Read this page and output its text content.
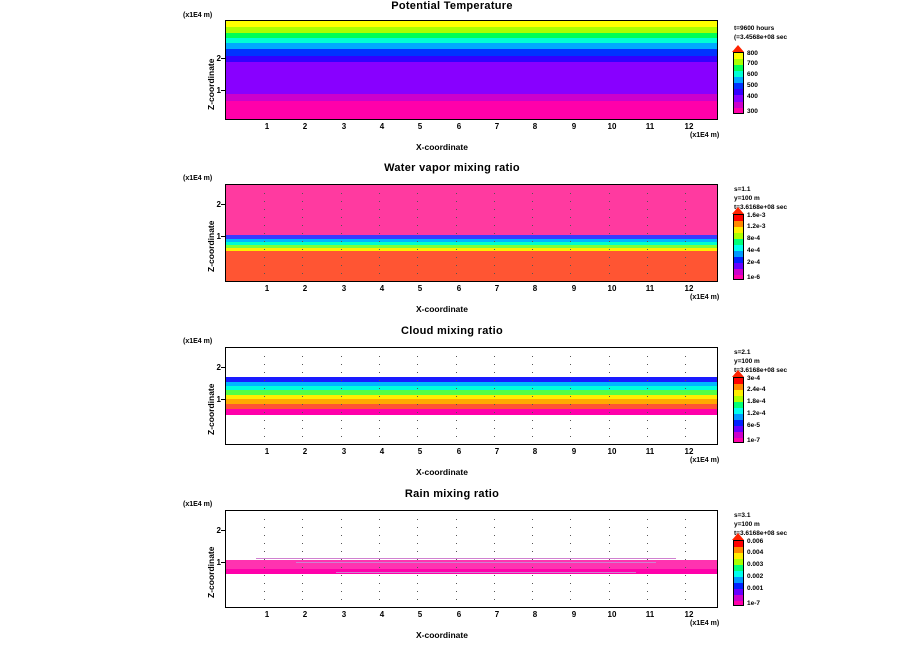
Potential Temperature
(x1E4 m)
Z-coordinate
2
1
1	2	3	4	5	6	7	8	9	10	11	12
(x1E4 m)
X-coordinate
t=9600 hours
(=3.4568e+08 sec
800
700
600
500
400
300
Water vapor mixing ratio
(x1E4 m)
Z-coordinate
2
1
1	2	3	4	5	6	7	8	9	10	11	12
(x1E4 m)
X-coordinate
s=1.1
y=100 m
t=3.6168e+08 sec
1.6e-3
1.2e-3
8e-4
4e-4
2e-4
1e-6
Cloud mixing ratio
(x1E4 m)
Z-coordinate
2
1
1	2	3	4	5	6	7	8	9	10	11	12
(x1E4 m)
X-coordinate
s=2.1
y=100 m
t=3.6168e+08 sec
3e-4
2.4e-4
1.8e-4
1.2e-4
6e-5
1e-7
Rain mixing ratio
(x1E4 m)
Z-coordinate
2
1
1	2	3	4	5	6	7	8	9	10	11	12
(x1E4 m)
X-coordinate
s=3.1
y=100 m
t=3.6168e+08 sec
0.006
0.004
0.003
0.002
0.001
1e-7
